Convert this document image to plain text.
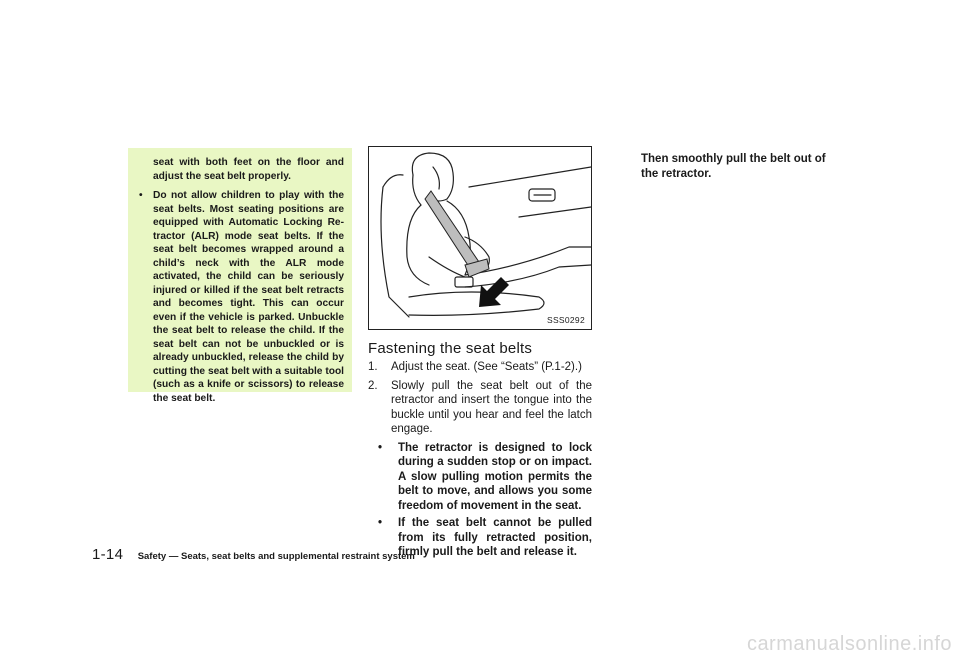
seat with both feet on the floor and adjust the seat belt properly.
• Do not allow children to play with the seat belts. Most seating positions are equipped with Automatic Locking Re-tractor (ALR) mode seat belts. If the seat belt becomes wrapped around a child’s neck with the ALR mode activated, the child can be seriously injured or killed if the seat belt retracts and becomes tight. This can occur even if the vehicle is parked. Unbuckle the seat belt to release the child. If the seat belt can not be unbuckled or is already unbuckled, release the child by cutting the seat belt with a suitable tool (such as a knife or scissors) to release the seat belt.
SSS0292
Fastening the seat belts
1. Adjust the seat. (See “Seats” (P.1-2).)
2. Slowly pull the seat belt out of the retractor and insert the tongue into the buckle until you hear and feel the latch engage.
• The retractor is designed to lock during a sudden stop or on impact. A slow pulling motion permits the belt to move, and allows you some freedom of movement in the seat.
• If the seat belt cannot be pulled from its fully retracted position, firmly pull the belt and release it.
Then smoothly pull the belt out of the retractor.
1-14 Safety — Seats, seat belts and supplemental restraint system
carmanualsonline.info
